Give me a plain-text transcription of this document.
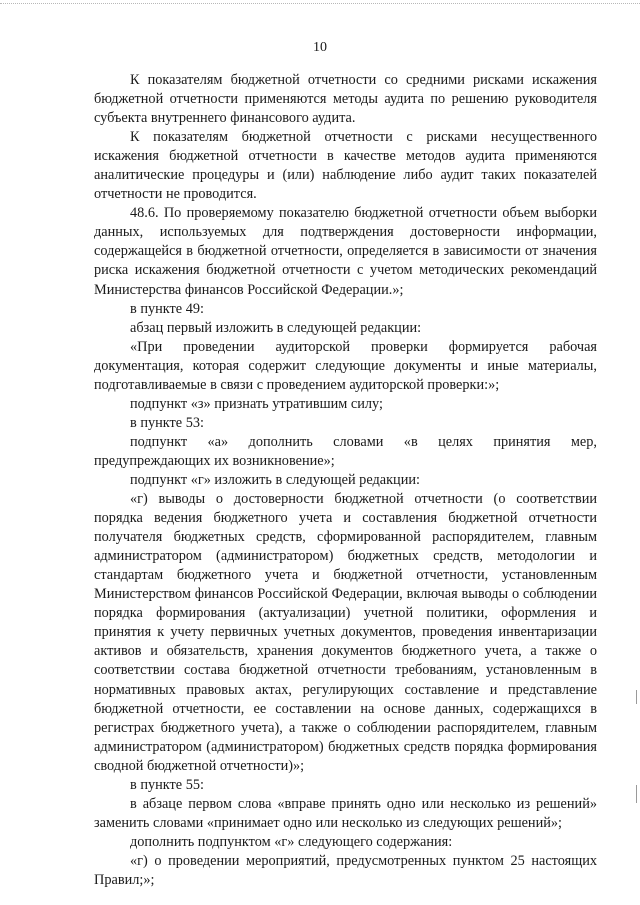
10

К показателям бюджетной отчетности со средними рисками искажения бюджетной отчетности применяются методы аудита по решению руководителя субъекта внутреннего финансового аудита.

К показателям бюджетной отчетности с рисками несущественного искажения бюджетной отчетности в качестве методов аудита применяются аналитические процедуры и (или) наблюдение либо аудит таких показателей отчетности не проводится.

48.6. По проверяемому показателю бюджетной отчетности объем выборки данных, используемых для подтверждения достоверности информации, содержащейся в бюджетной отчетности, определяется в зависимости от значения риска искажения бюджетной отчетности с учетом методических рекомендаций Министерства финансов Российской Федерации.»;

в пункте 49:

абзац первый изложить в следующей редакции:

«При проведении аудиторской проверки формируется рабочая документация, которая содержит следующие документы и иные материалы, подготавливаемые в связи с проведением аудиторской проверки:»;

подпункт «з» признать утратившим силу;

в пункте 53:

подпункт «а» дополнить словами «в целях принятия мер, предупреждающих их возникновение»;

подпункт «г» изложить в следующей редакции:

«г) выводы о достоверности бюджетной отчетности (о соответствии порядка ведения бюджетного учета и составления бюджетной отчетности получателя бюджетных средств, сформированной распорядителем, главным администратором (администратором) бюджетных средств, методологии и стандартам бюджетного учета и бюджетной отчетности, установленным Министерством финансов Российской Федерации, включая выводы о соблюдении порядка формирования (актуализации) учетной политики, оформления и принятия к учету первичных учетных документов, проведения инвентаризации активов и обязательств, хранения документов бюджетного учета, а также о соответствии состава бюджетной отчетности требованиям, установленным в нормативных правовых актах, регулирующих составление и представление бюджетной отчетности, ее составлении на основе данных, содержащихся в регистрах бюджетного учета), а также о соблюдении распорядителем, главным администратором (администратором) бюджетных средств порядка формирования сводной бюджетной отчетности)»;

в пункте 55:

в абзаце первом слова «вправе принять одно или несколько из решений» заменить словами «принимает одно или несколько из следующих решений»;

дополнить подпунктом «г» следующего содержания:

«г) о проведении мероприятий, предусмотренных пунктом 25 настоящих Правил;»;
